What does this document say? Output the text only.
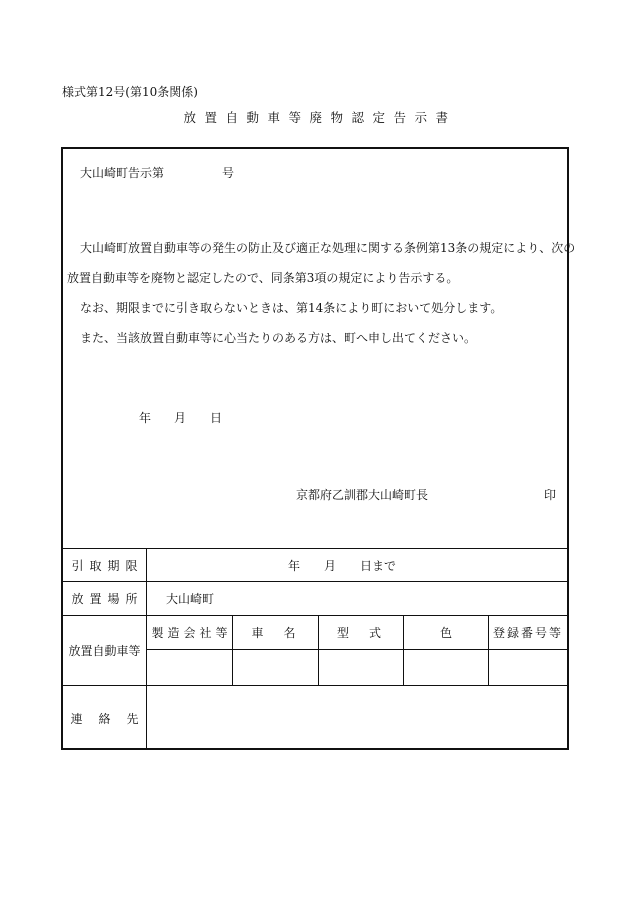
様式第12号(第10条関係)
放置自動車等廃物認定告示書
大山崎町告示第	号
大山崎町放置自動車等の発生の防止及び適正な処理に関する条例第13条の規定により、次の
放置自動車等を廃物と認定したので、同条第3項の規定により告示する。
なお、期限までに引き取らないときは、第14条により町において処分します。
また、当該放置自動車等に心当たりのある方は、町へ申し出てください。
年 月 日
京都府乙訓郡大山崎町長	印
引取期限	年	月	日まで
放置場所 大山崎町
放置自動車等
製造会社等 車　名	型　式	色	登録番号等
連絡先
